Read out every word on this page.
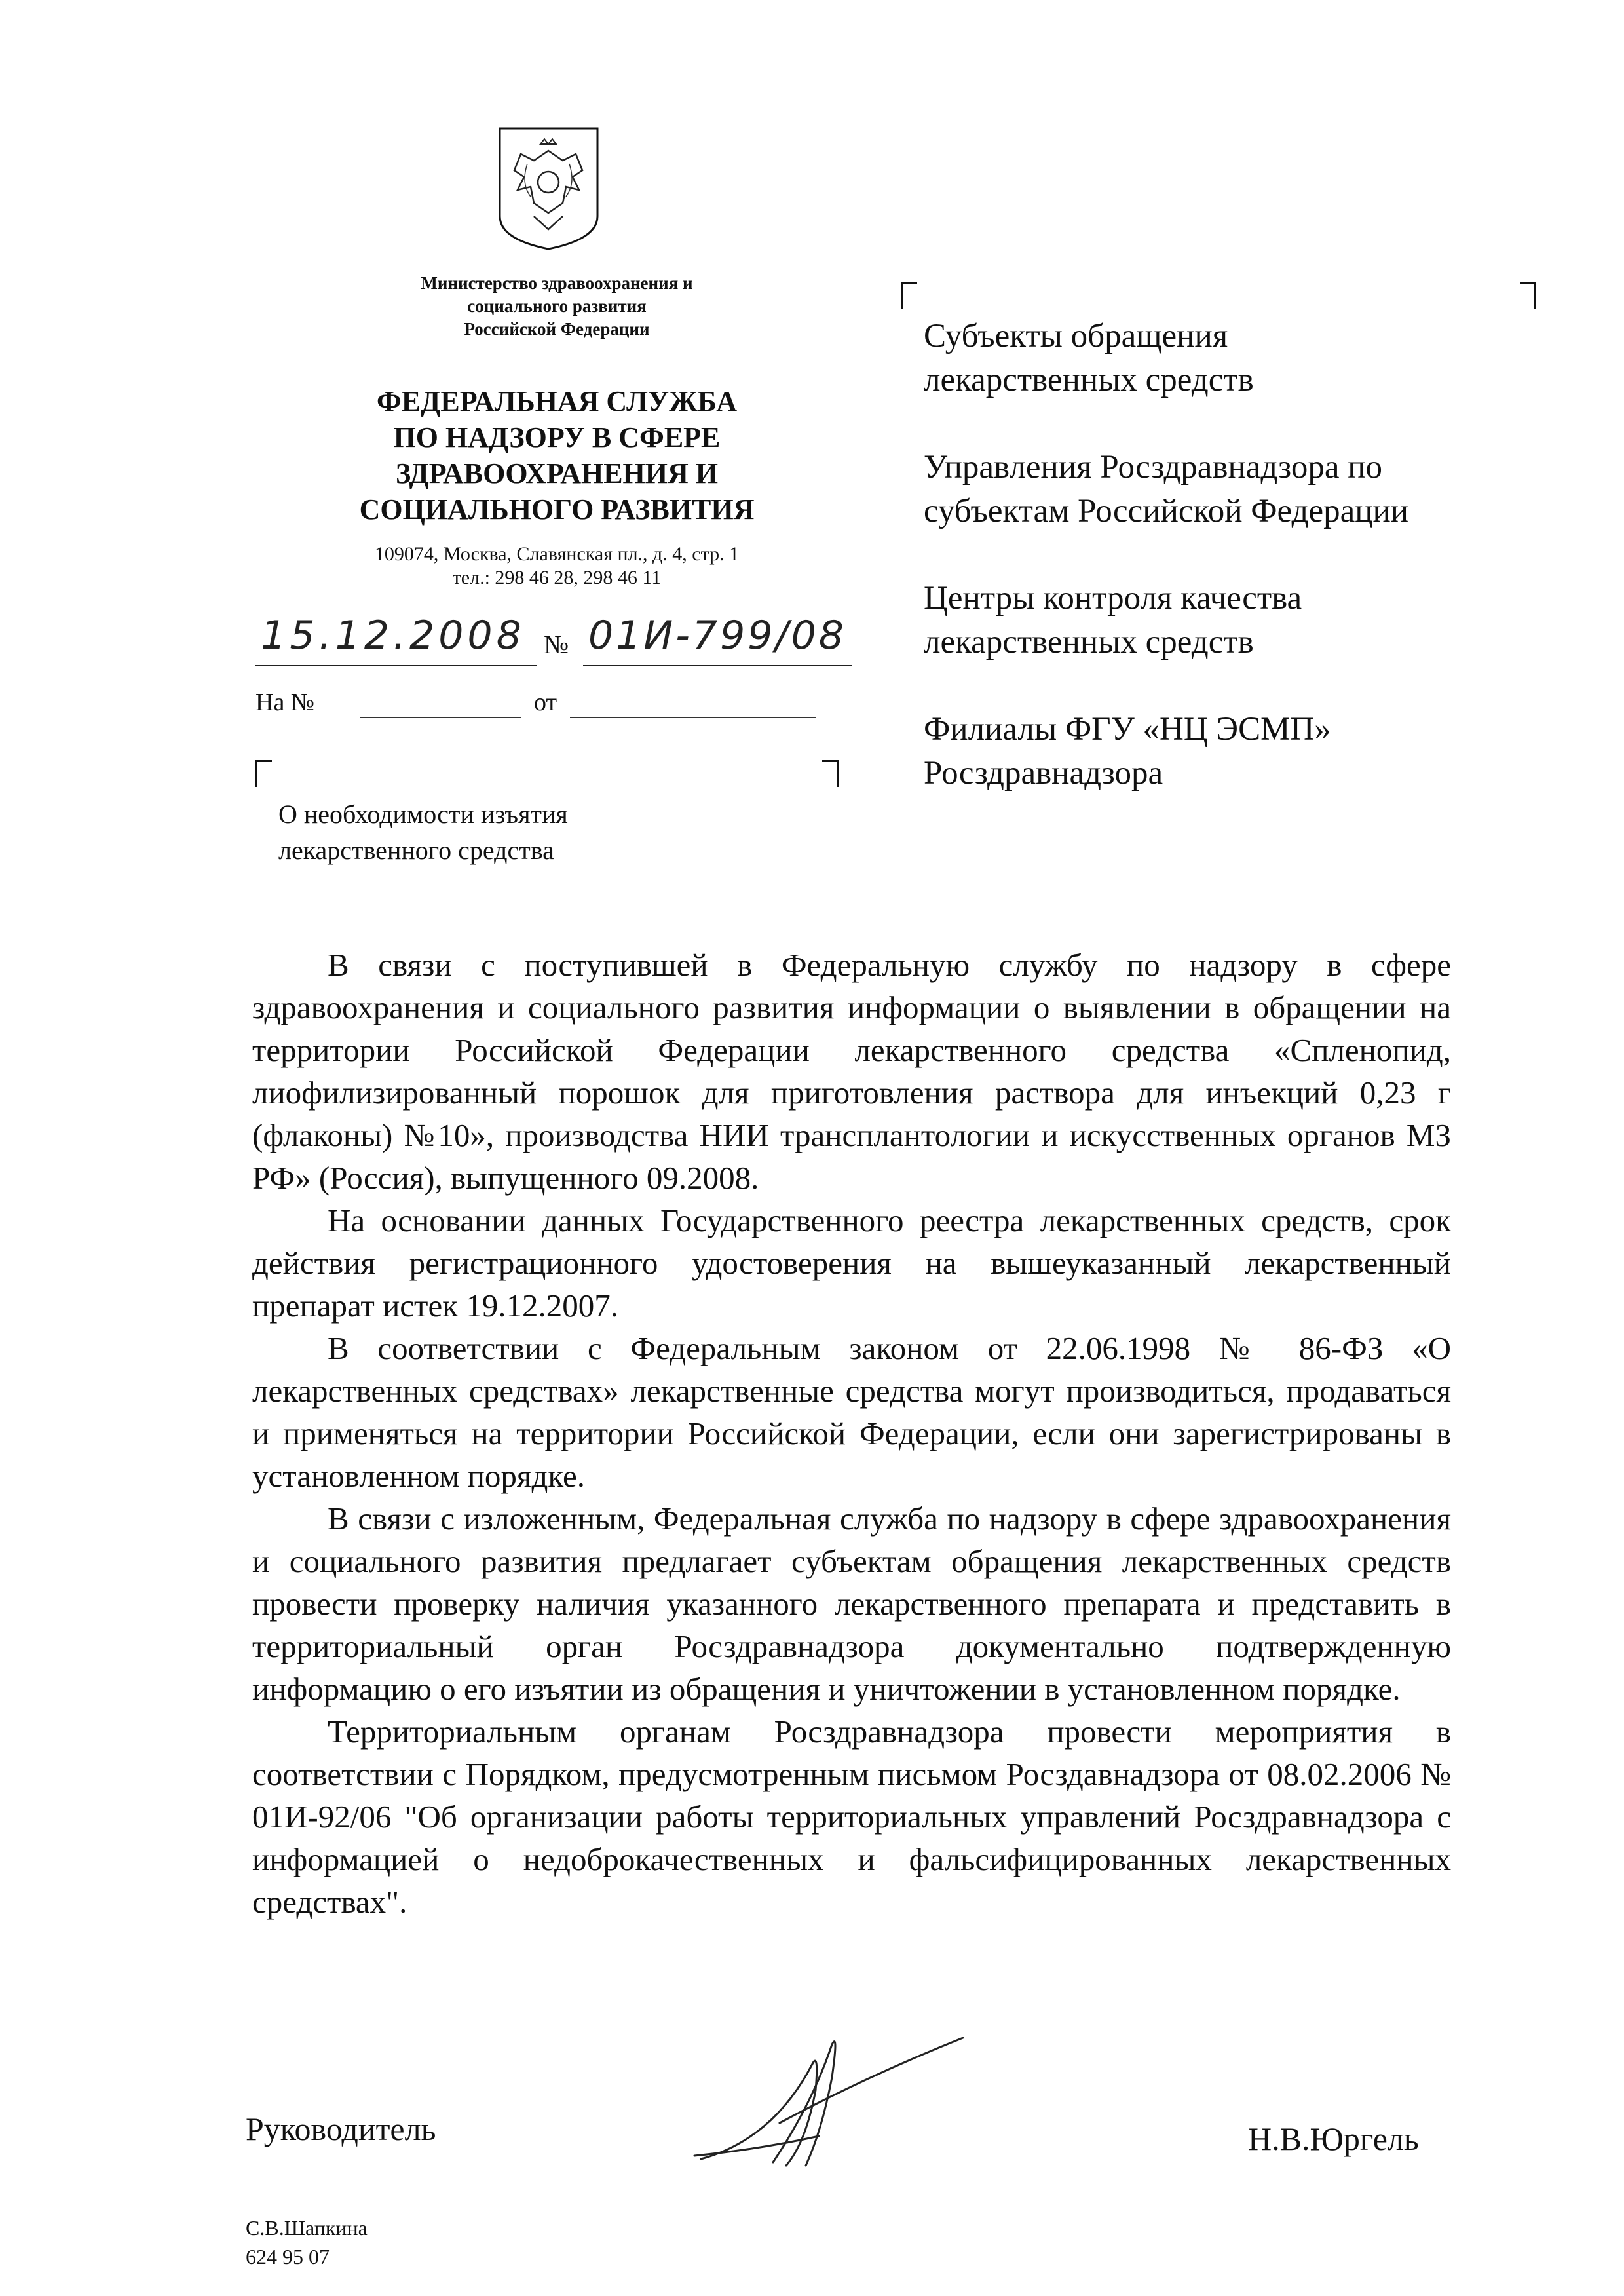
Министерство здравоохранения и
социального развития
Российской Федерации
ФЕДЕРАЛЬНАЯ СЛУЖБА
ПО НАДЗОРУ В СФЕРЕ
ЗДРАВООХРАНЕНИЯ И
СОЦИАЛЬНОГО РАЗВИТИЯ
109074, Москва, Славянская пл., д. 4, стр. 1
тел.: 298 46 28, 298 46 11
15.12.2008 № 01И-799/08
На №	от
О необходимости изъятия
лекарственного средства

Субъекты обращения
лекарственных средств

Управления Росздравнадзора по
субъектам Российской Федерации

Центры контроля качества
лекарственных средств

Филиалы ФГУ «НЦ ЭСМП»
Росздравнадзора

В связи с поступившей в Федеральную службу по надзору в сфере здравоохранения и социального развития информации о выявлении в обращении на территории Российской Федерации лекарственного средства «Спленопид, лиофилизированный порошок для приготовления раствора для инъекций 0,23 г (флаконы) №10», производства НИИ трансплантологии и искусственных органов МЗ РФ» (Россия), выпущенного 09.2008.

На основании данных Государственного реестра лекарственных средств, срок действия регистрационного удостоверения на вышеуказанный лекарственный препарат истек 19.12.2007.

В соответствии с Федеральным законом от 22.06.1998 № 86-ФЗ «О лекарственных средствах» лекарственные средства могут производиться, продаваться и применяться на территории Российской Федерации, если они зарегистрированы в установленном порядке.

В связи с изложенным, Федеральная служба по надзору в сфере здравоохранения и социального развития предлагает субъектам обращения лекарственных средств провести проверку наличия указанного лекарственного препарата и представить в территориальный орган Росздравнадзора документально подтвержденную информацию о его изъятии из обращения и уничтожении в установленном порядке.

Территориальным органам Росздравнадзора провести мероприятия в соответствии с Порядком, предусмотренным письмом Росздавнадзора от 08.02.2006 № 01И-92/06 "Об организации работы территориальных управлений Росздравнадзора с информацией о недоброкачественных и фальсифицированных лекарственных средствах".

Руководитель	Н.В.Юргель
С.В.Шапкина
624 95 07
